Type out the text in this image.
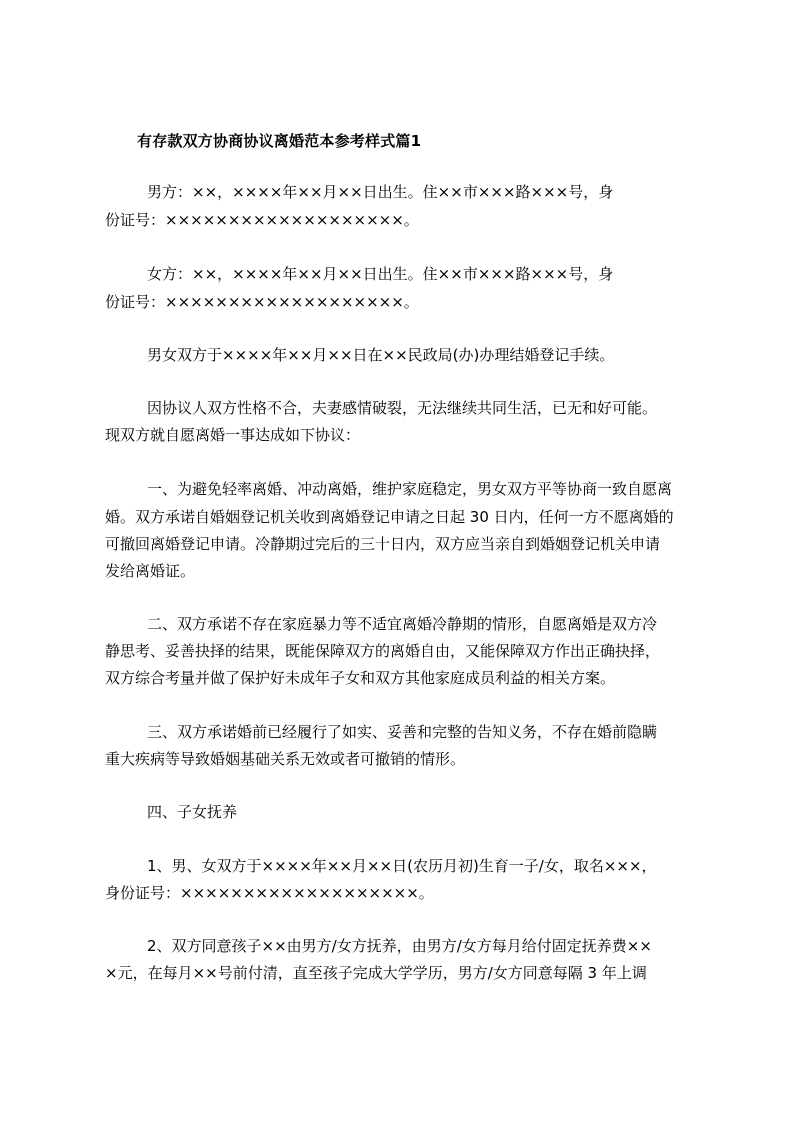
有存款双方协商协议离婚范本参考样式篇1
男方：××，××××年××月××日出生。住××市×××路×××号，身
份证号：×××××××××××××××××××。
女方：××，××××年××月××日出生。住××市×××路×××号，身
份证号：×××××××××××××××××××。
男女双方于××××年××月××日在××民政局(办)办理结婚登记手续。
因协议人双方性格不合，夫妻感情破裂，无法继续共同生活，已无和好可能。
现双方就自愿离婚一事达成如下协议：
一、为避免轻率离婚、冲动离婚，维护家庭稳定，男女双方平等协商一致自愿离
婚。双方承诺自婚姻登记机关收到离婚登记申请之日起 30 日内，任何一方不愿离婚的
可撤回离婚登记申请。冷静期过完后的三十日内，双方应当亲自到婚姻登记机关申请
发给离婚证。
二、双方承诺不存在家庭暴力等不适宜离婚冷静期的情形，自愿离婚是双方冷
静思考、妥善抉择的结果，既能保障双方的离婚自由，又能保障双方作出正确抉择，
双方综合考量并做了保护好未成年子女和双方其他家庭成员利益的相关方案。
三、双方承诺婚前已经履行了如实、妥善和完整的告知义务，不存在婚前隐瞒
重大疾病等导致婚姻基础关系无效或者可撤销的情形。
四、子女抚养
1、男、女双方于××××年××月××日(农历月初)生育一子/女，取名×××，
身份证号：×××××××××××××××××××。
2、双方同意孩子××由男方/女方抚养，由男方/女方每月给付固定抚养费××
×元，在每月××号前付清，直至孩子完成大学学历，男方/女方同意每隔 3 年上调
